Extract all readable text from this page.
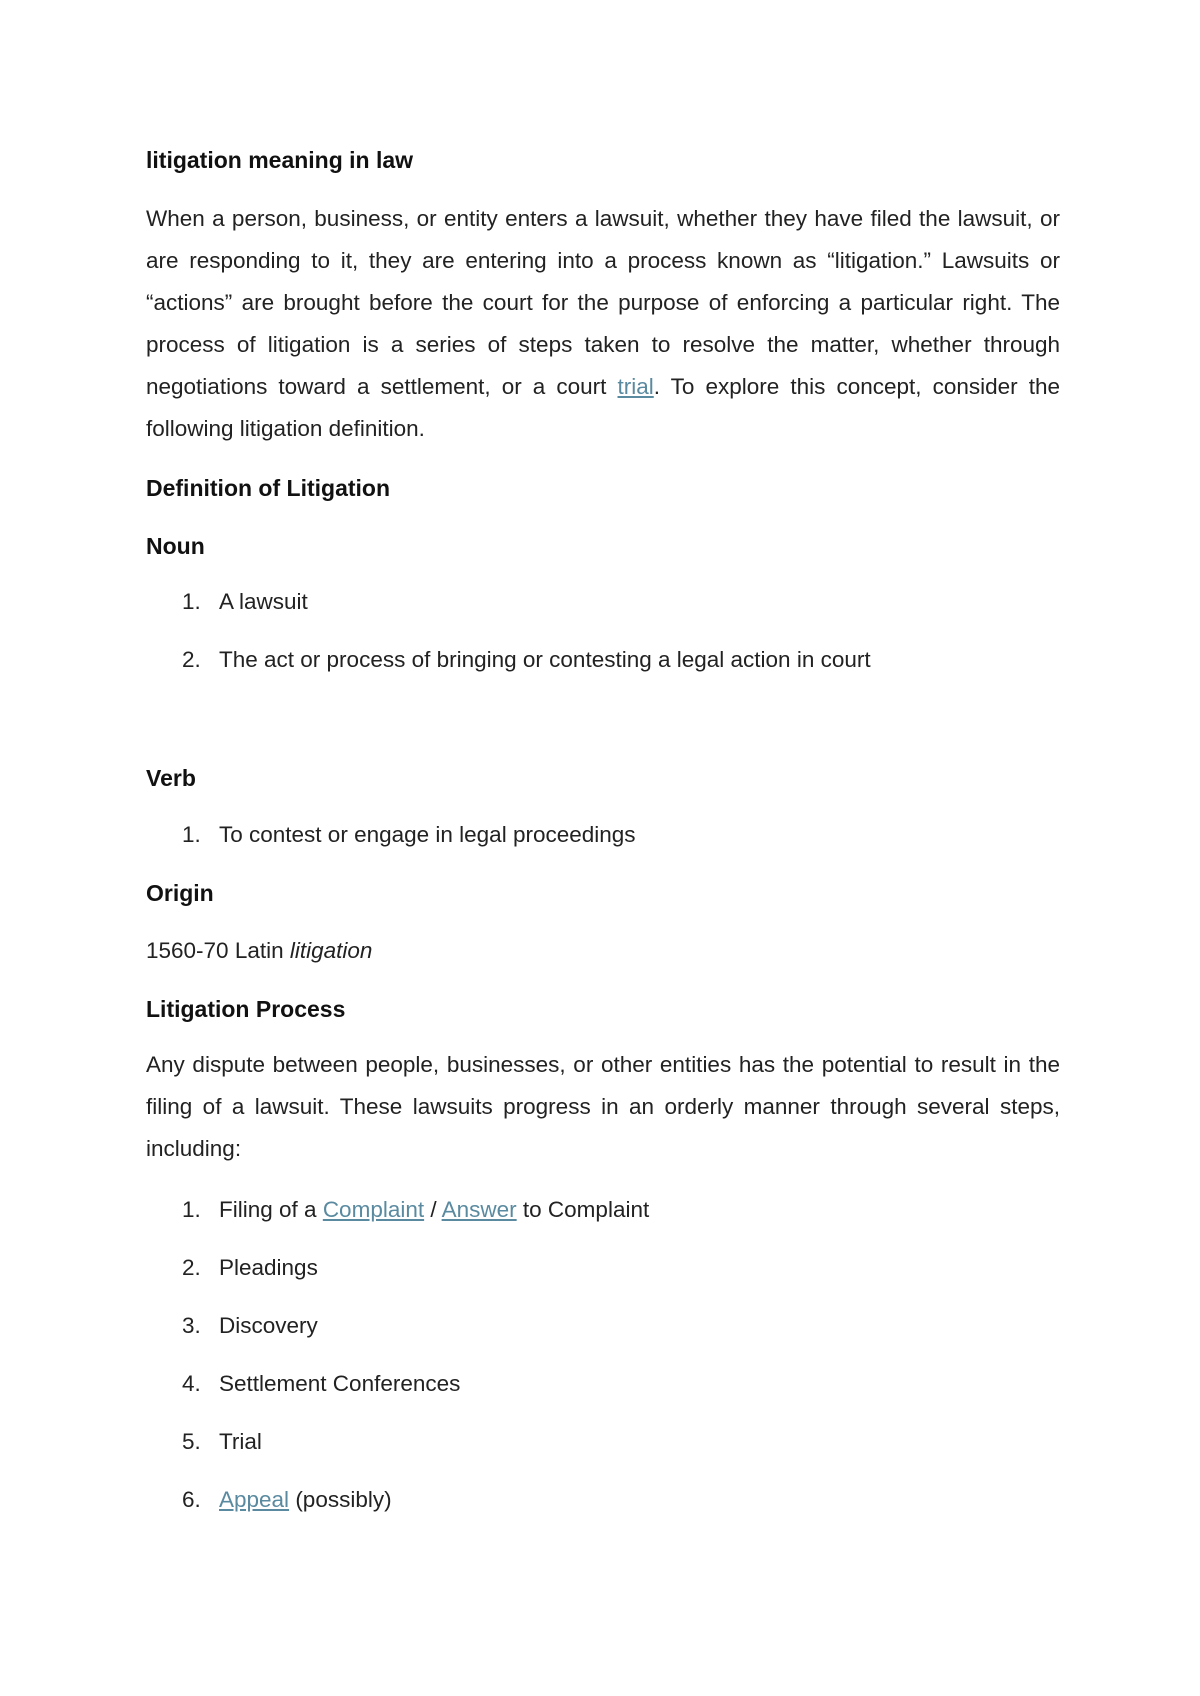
litigation meaning in law

When a person, business, or entity enters a lawsuit, whether they have filed the lawsuit, or are responding to it, they are entering into a process known as “litigation.” Lawsuits or “actions” are brought before the court for the purpose of enforcing a particular right. The process of litigation is a series of steps taken to resolve the matter, whether through negotiations toward a settlement, or a court trial. To explore this concept, consider the following litigation definition.

Definition of Litigation
Noun
1. A lawsuit
2. The act or process of bringing or contesting a legal action in court
Verb
1. To contest or engage in legal proceedings
Origin

1560-70 Latin litigation

Litigation Process

Any dispute between people, businesses, or other entities has the potential to result in the filing of a lawsuit. These lawsuits progress in an orderly manner through several steps, including:

1. Filing of a Complaint / Answer to Complaint
2. Pleadings
3. Discovery
4. Settlement Conferences
5. Trial
6. Appeal (possibly)
